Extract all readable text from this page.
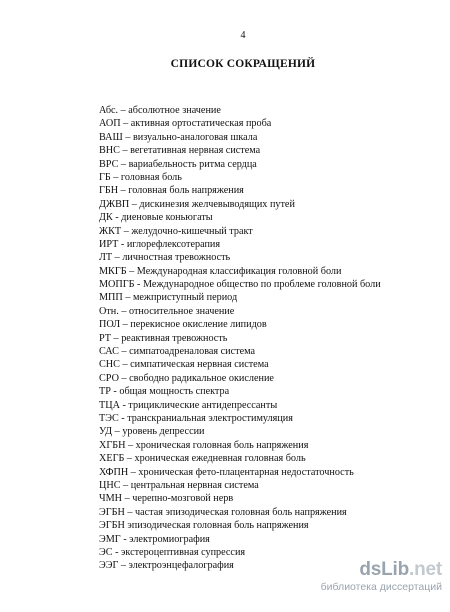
4
СПИСОК СОКРАЩЕНИЙ
Абс. – абсолютное значение
АОП – активная ортостатическая проба
ВАШ – визуально-аналоговая шкала
ВНС – вегетативная нервная система
ВРС – вариабельность ритма сердца
ГБ – головная боль
ГБН – головная боль напряжения
ДЖВП – дискинезия желчевыводящих путей
ДК - диеновые коньюгаты
ЖКТ – желудочно-кишечный тракт
ИРТ - иглорефлексотерапия
ЛТ – личностная тревожность
МКГБ – Международная классификация головной боли
МОПГБ - Международное общество по проблеме головной боли
МПП – межприступный период
Отн. – относительное значение
ПОЛ – перекисное окисление липидов
РТ – реактивная тревожность
САС – симпатоадреналовая система
СНС – симпатическая нервная система
СРО – свободно радикальное окисление
ТР - общая мощность спектра
ТЦА - трициклические антидепрессанты
ТЭС - транскраниальная электростимуляция
УД – уровень депрессии
ХГБН – хроническая головная боль напряжения
ХЕГБ – хроническая ежедневная головная боль
ХФПН – хроническая фето-плацентарная недостаточность
ЦНС – центральная нервная система
ЧМН – черепно-мозговой нерв
ЭГБН – частая эпизодическая головная боль напряжения
ЭГБН эпизодическая головная боль напряжения
ЭМГ - электромиография
ЭС - экстероцептивная супрессия
ЭЭГ – электроэнцефалография	dsLib.net
библиотека диссертаций
